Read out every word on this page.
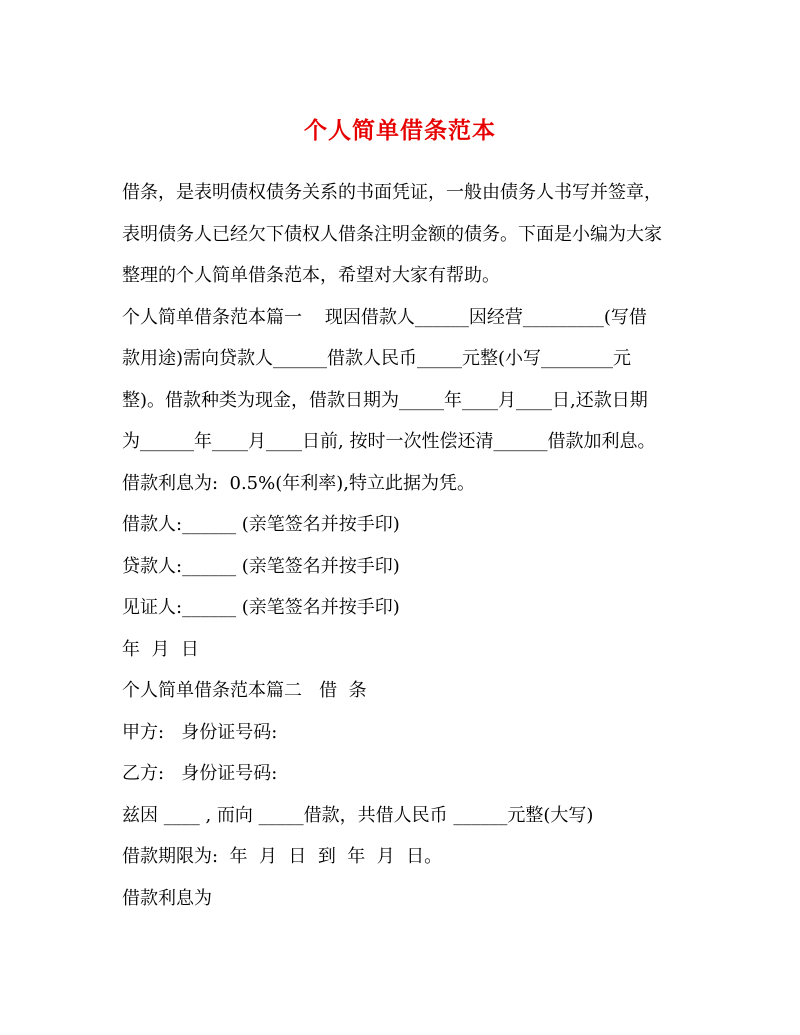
个人简单借条范本
借条，是表明债权债务关系的书面凭证，一般由债务人书写并签章，
表明债务人已经欠下债权人借条注明金额的债务。下面是小编为大家
整理的个人简单借条范本，希望对大家有帮助。
个人简单借条范本篇一    现因借款人______因经营_________(写借
款用途)需向贷款人______借款人民币_____元整(小写________元
整)。借款种类为现金，借款日期为_____年____月____日,还款日期
为______年____月____日前, 按时一次性偿还清______借款加利息。
借款利息为:  0.5%(年利率),特立此据为凭。
借款人:______ (亲笔签名并按手印)
贷款人:______ (亲笔签名并按手印)
见证人:______ (亲笔签名并按手印)
年  月  日
个人简单借条范本篇二   借  条
甲方:   身份证号码:
乙方:   身份证号码:
兹因 ____ , 而向 _____借款，共借人民币 ______元整(大写)
借款期限为:  年  月  日  到  年  月  日。
借款利息为
